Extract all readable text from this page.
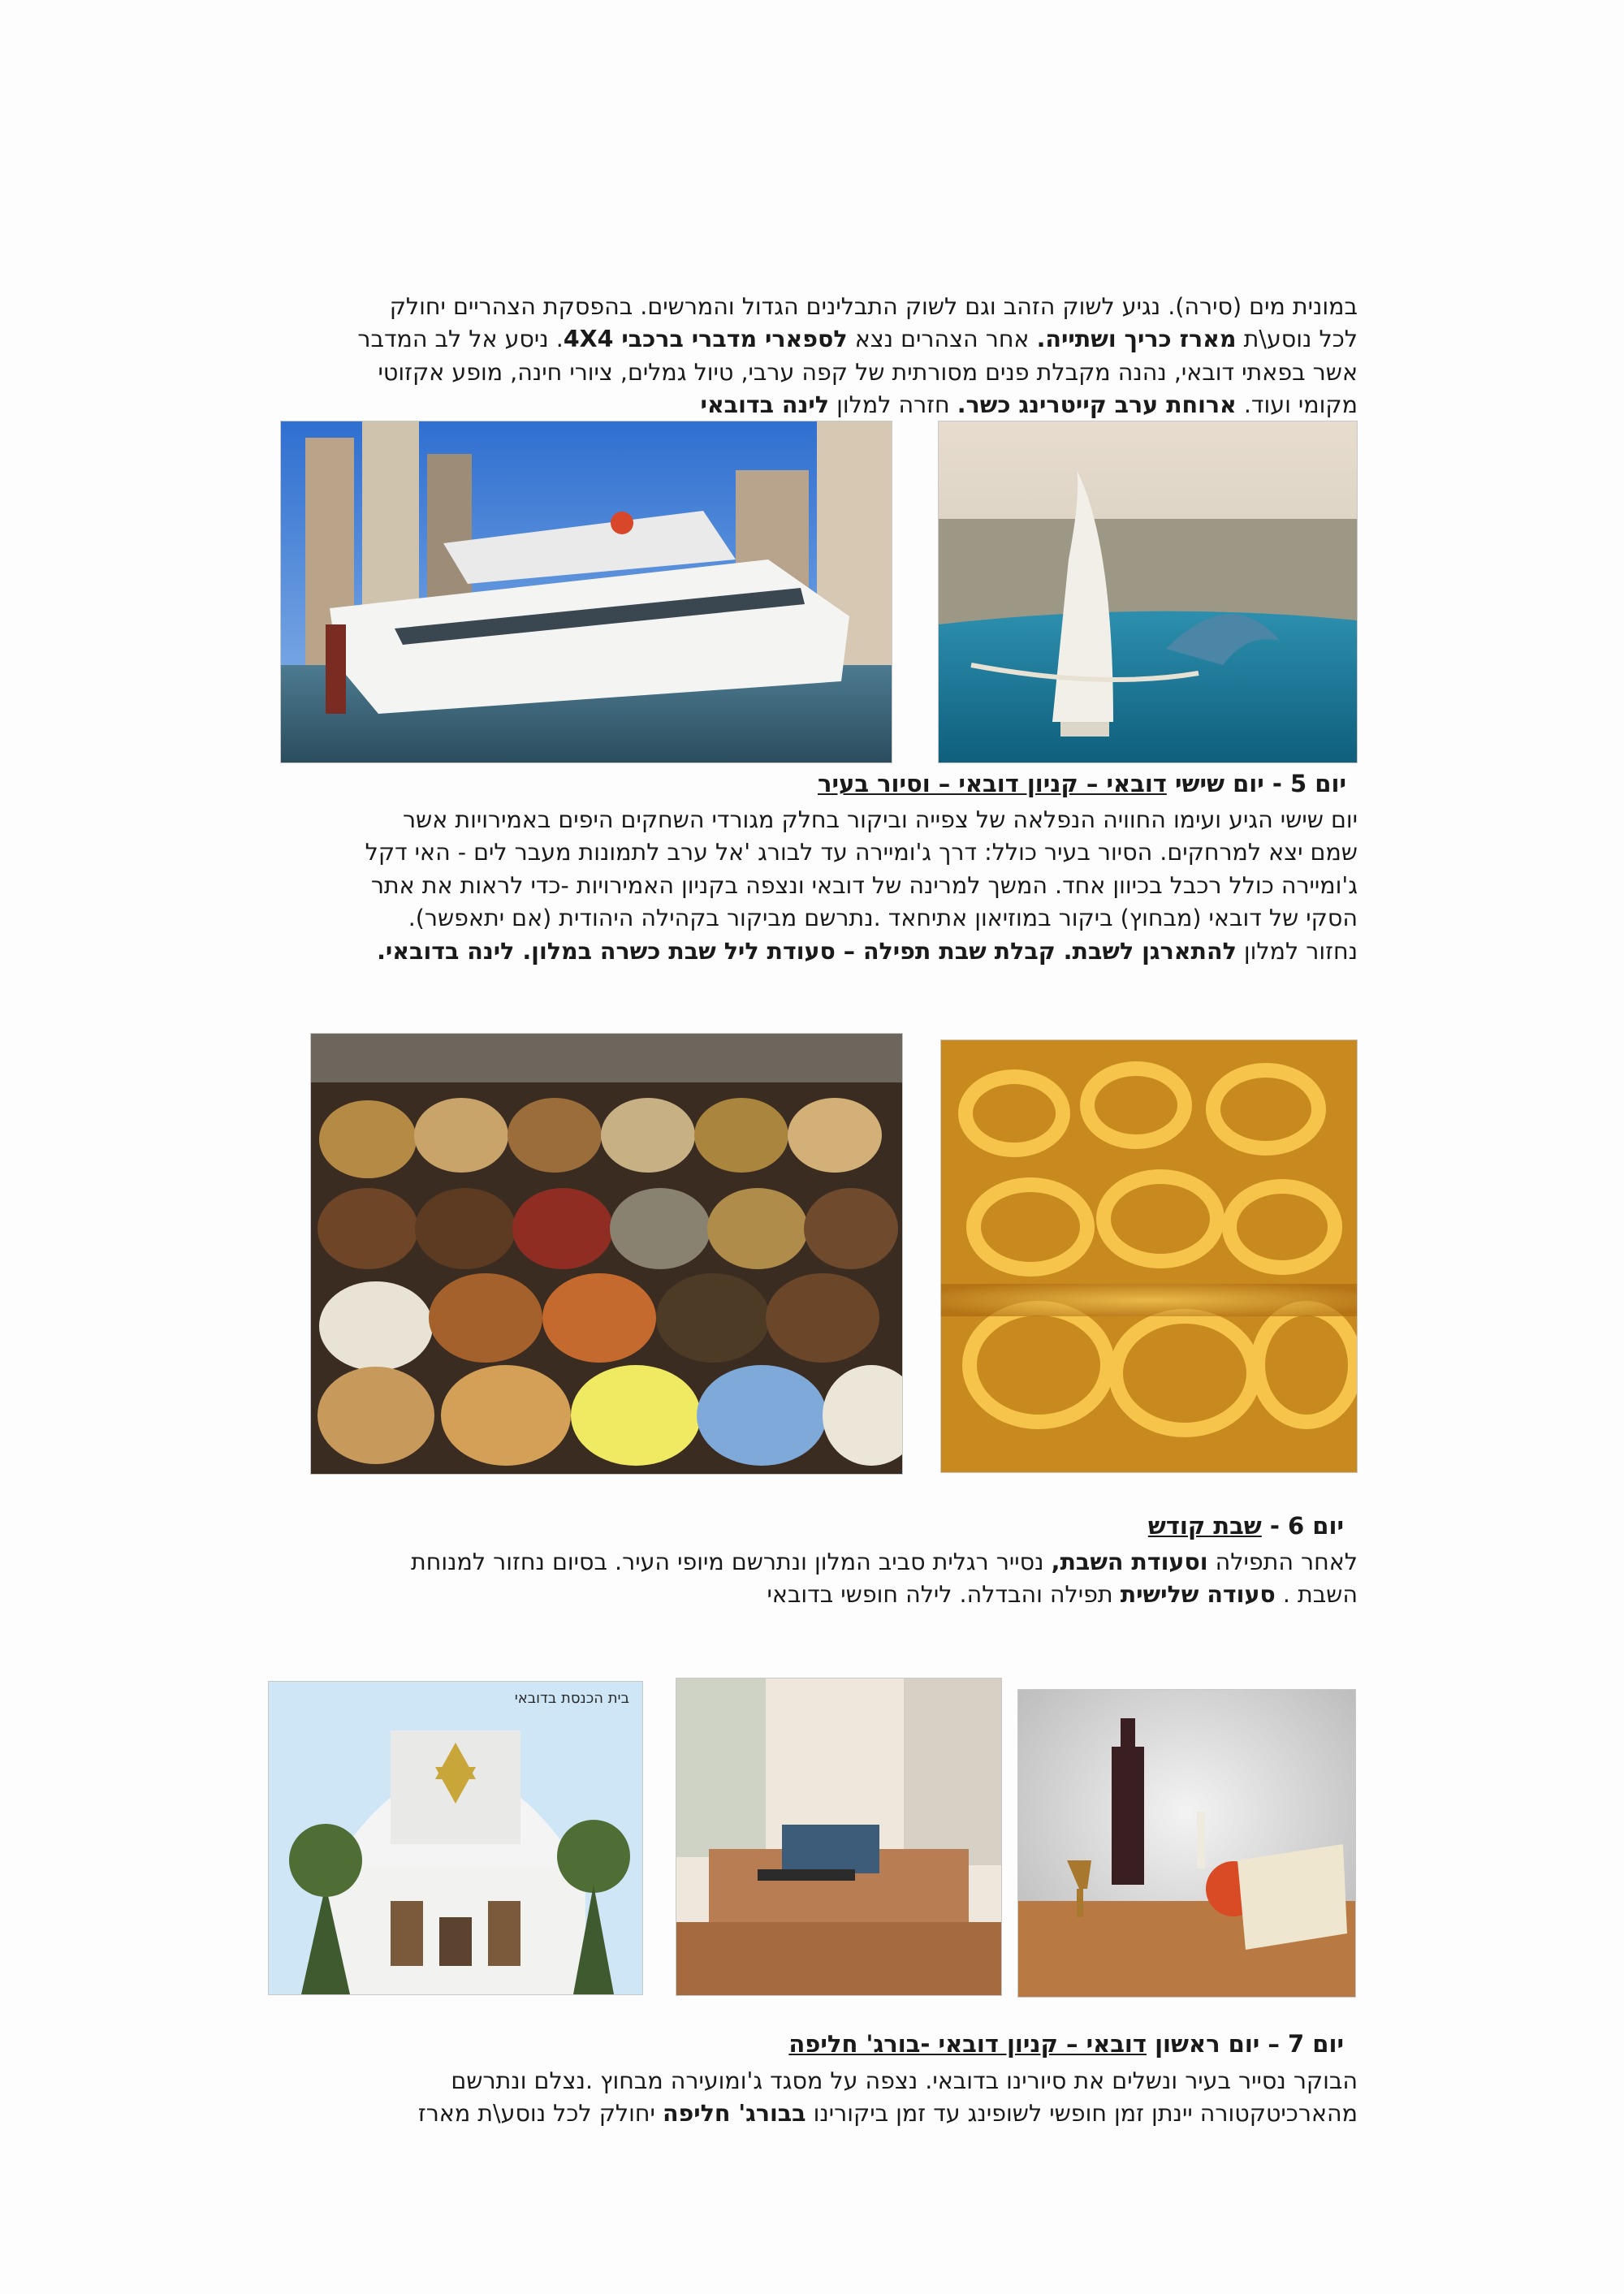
במונית מים (סירה). נגיע לשוק הזהב וגם לשוק התבלינים הגדול והמרשים. בהפסקת הצהריים יחולק
לכל נוסע\ת מארז כריך ושתייה. אחר הצהרים נצא לספארי מדברי ברכבי 4X4. ניסע אל לב המדבר
אשר בפאתי דובאי, נהנה מקבלת פנים מסורתית של קפה ערבי, טיול גמלים, ציורי חינה, מופע אקזוטי
מקומי ועוד. ארוחת ערב קייטרינג כשר. חזרה למלון לינה בדובאי
יום 5 - יום שישי דובאי – קניון דובאי – וסיור בעיר
יום שישי הגיע ועימו החוויה הנפלאה של צפייה וביקור בחלק מגורדי השחקים היפים באמירויות אשר
שמם יצא למרחקים. הסיור בעיר כולל: דרך ג'ומיירה עד לבורג 'אל ערב לתמונות מעבר לים - האי דקל
ג'ומיירה כולל רכבל בכיוון אחד. המשך למרינה של דובאי ונצפה בקניון האמירויות -כדי לראות את אתר
הסקי של דובאי (מבחוץ) ביקור במוזיאון אתיחאד .נתרשם מביקור בקהילה היהודית (אם יתאפשר).
נחזור למלון להתארגן לשבת. קבלת שבת תפילה – סעודת ליל שבת כשרה במלון. לינה בדובאי.
יום 6 - שבת קודש
לאחר התפילה וסעודת השבת, נסייר רגלית סביב המלון ונתרשם מיופי העיר. בסיום נחזור למנוחת
השבת . סעודה שלישית תפילה והבדלה. לילה חופשי בדובאי
בית הכנסת בדובאי
יום 7 – יום ראשון דובאי – קניון דובאי -בורג' חליפה
הבוקר נסייר בעיר ונשלים את סיורינו בדובאי. נצפה על מסגד ג'ומועירה מבחוץ .נצלם ונתרשם
מהארכיטקטורה יינתן זמן חופשי לשופינג עד זמן ביקורינו בבורג' חליפה יחולק לכל נוסע\ת מארז
